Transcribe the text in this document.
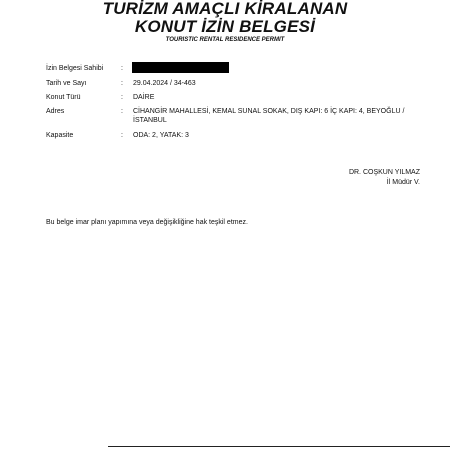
TURİZM AMAÇLI KİRALANAN
KONUT İZİN BELGESİ
TOURISTIC RENTAL RESIDENCE PERMIT
İzin Belgesi Sahibi	:
Tarih ve Sayı	: 29.04.2024 / 34-463
Konut Türü	: DAİRE
Adres	: CİHANGİR MAHALLESİ, KEMAL SUNAL SOKAK, DIŞ KAPI: 6 İÇ KAPI: 4, BEYOĞLU / İSTANBUL
Kapasite	: ODA: 2, YATAK: 3
DR. COŞKUN YILMAZ
İl Müdür V.
Bu belge imar planı yapımına veya değişikliğine hak teşkil etmez.
